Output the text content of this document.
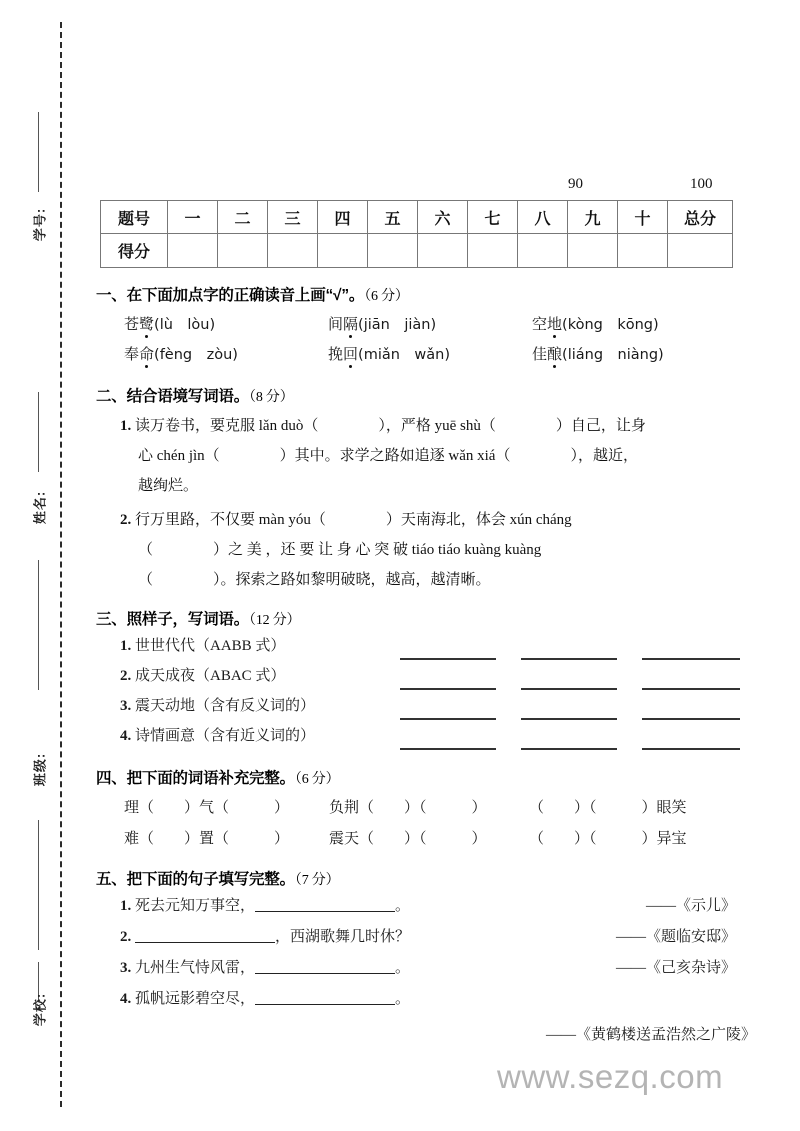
学号:
姓名:
班级:
学校:
90	100
题号	一	二	三	四	五	六	七	八	九	十	总分
得分											
一、在下面加点字的正确读音上画“√”。（6 分）
苍鹭(lù　lòu)	间隔(jiān　jiàn)	空地(kòng　kōng)
奉命(fèng　zòu)	挽回(miǎn　wǎn)	佳酿(liáng　niàng)
二、结合语境写词语。（8 分）
1. 读万卷书，要克服 lǎn duò（　　　　），严格 yuē shù（　　　　）自己，让身
心 chén jìn（　　　　）其中。求学之路如追逐 wǎn xiá（　　　　），越近，
越绚烂。
2. 行万里路，不仅要 màn yóu（　　　　）天南海北，体会 xún cháng
（　　　　）之 美 ，还 要 让 身 心 突 破 tiáo tiáo kuàng kuàng
（　　　　）。探索之路如黎明破晓，越高，越清晰。
三、照样子，写词语。（12 分）
1. 世世代代（AABB 式）
2. 成天成夜（ABAC 式）
3. 震天动地（含有反义词的）
4. 诗情画意（含有近义词的）
四、把下面的词语补充完整。（6 分）
理（　　）气（　　　）	负荆（　　）（　　　）	（　　）（　　　）眼笑
难（　　）置（　　　）	震天（　　）（　　　）	（　　）（　　　）异宝
五、把下面的句子填写完整。（7 分）
1. 死去元知万事空，	。	——《示儿》
2.	，西湖歌舞几时休？	——《题临安邸》
3. 九州生气恃风雷，	。	——《己亥杂诗》
4. 孤帆远影碧空尽，	。
——《黄鹤楼送孟浩然之广陵》
www.sezq.com
